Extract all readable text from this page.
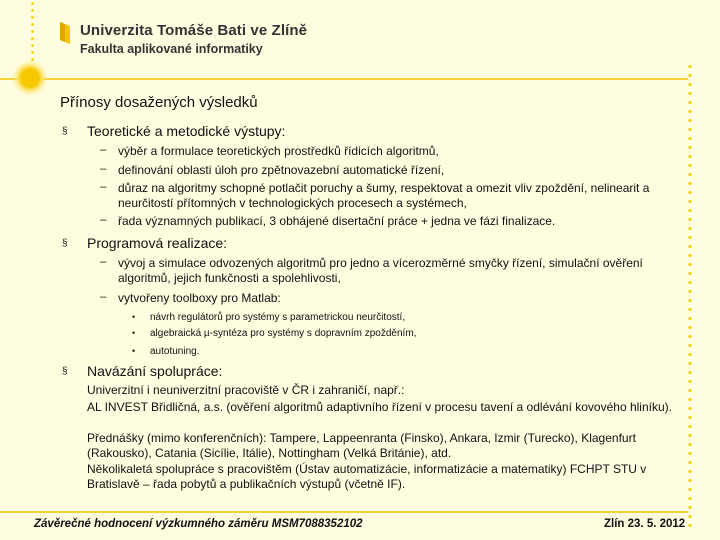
Univerzita Tomáše Bati ve Zlíně
Fakulta aplikované informatiky
Přínosy dosažených výsledků
§ Teoretické a metodické výstupy:
– výběr a formulace teoretických prostředků řídicích algoritmů,
– definování oblasti úloh pro zpětnovazební automatické řízení,
– důraz na algoritmy schopné potlačit poruchy a šumy, respektovat a omezit vliv zpoždění, nelinearit a neurčitostí přítomných v technologických procesech a systémech,
– řada významných publikací, 3 obhájené disertační práce + jedna ve fázi finalizace.
§ Programová realizace:
– vývoj a simulace odvozených algoritmů pro jedno a vícerozměrné smyčky řízení, simulační ověření algoritmů, jejich funkčnosti a spolehlivosti,
– vytvořeny toolboxy pro Matlab:
• návrh regulátorů pro systémy s parametrickou neurčitostí,
• algebraická µ-syntéza pro systémy s dopravním zpožděním,
• autotuning.
§ Navázání spolupráce:
Univerzitní i neuniverzitní pracoviště v ČR i zahraničí, např.:
AL INVEST Břidličná, a.s. (ověření algoritmů adaptivního řízení v procesu tavení a odlévání kovového hliníku).
Přednášky (mimo konferenčních): Tampere, Lappeenranta (Finsko), Ankara, Izmir (Turecko), Klagenfurt (Rakousko), Catania (Sicílie, Itálie), Nottingham (Velká Británie), atd.
Několikaletá spolupráce s pracovištěm (Ústav automatizácie, informatizácie a matematiky) FCHPT STU v Bratislavě – řada pobytů a publikačních výstupů (včetně IF).
Závěrečné hodnocení výzkumného záměru MSM7088352102	Zlín 23. 5. 2012
